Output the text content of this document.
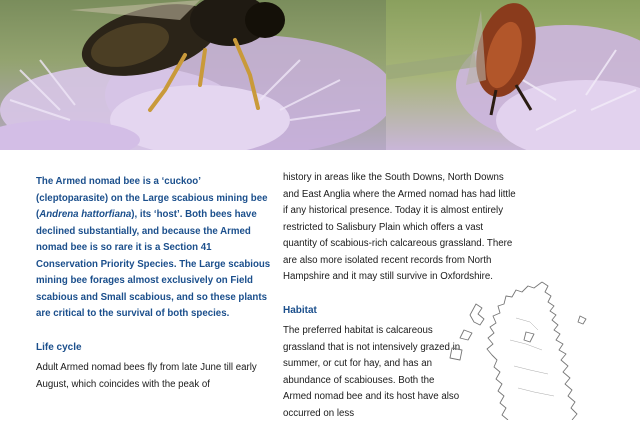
The Armed nomad bee is a ‘cuckoo’ (cleptoparasite) on the Large scabious mining bee (Andrena hattorfiana), its ‘host’. Both bees have declined substantially, and because the Armed nomad bee is so rare it is a Section 41 Conservation Priority Species. The Large scabious mining bee forages almost exclusively on Field scabious and Small scabious, and so these plants are critical to the survival of both species.

Life cycle

Adult Armed nomad bees fly from late June till early August, which coincides with the peak of

history in areas like the South Downs, North Downs and East Anglia where the Armed nomad has had little if any historical presence. Today it is almost entirely restricted to Salisbury Plain which offers a vast quantity of scabious-rich calcareous grassland. There are also more isolated recent records from North Hampshire and it may still survive in Oxfordshire.

Habitat

The preferred habitat is calcareous grassland that is not intensively grazed in summer, or cut for hay, and has an abundance of scabiouses. Both the Armed nomad bee and its host have also occurred on less
